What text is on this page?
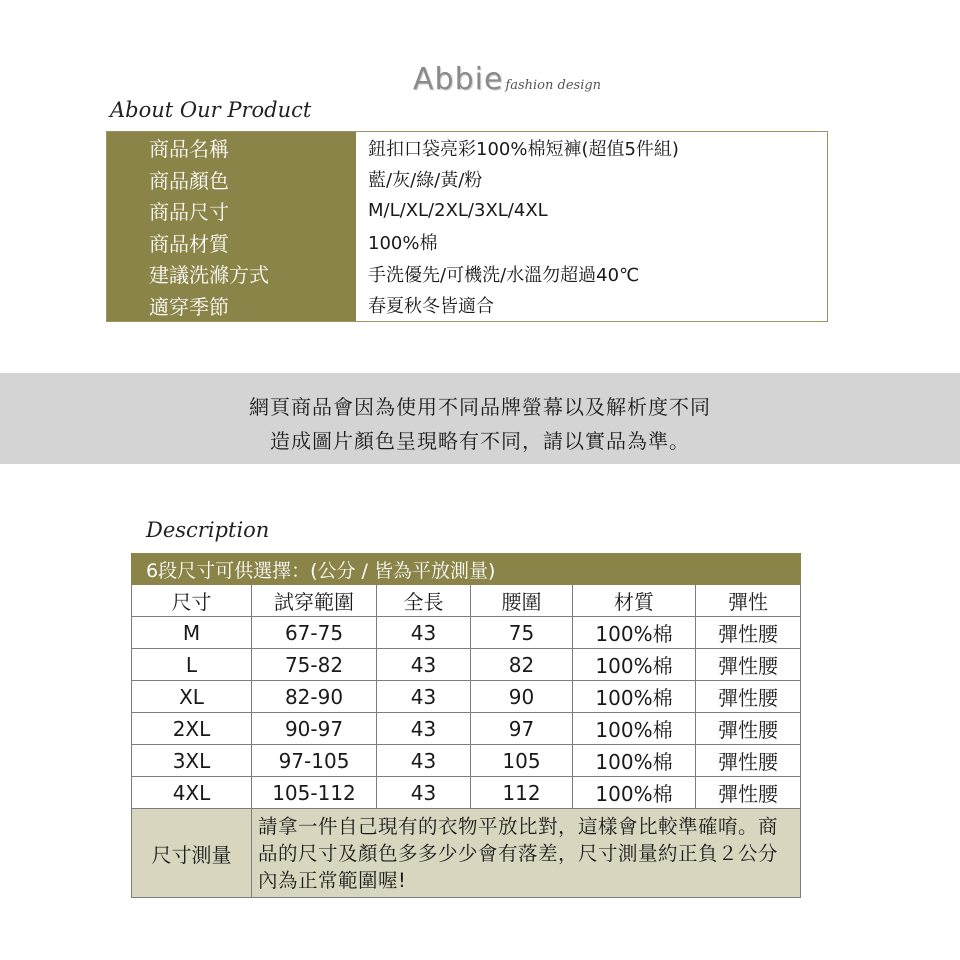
Abbie fashion design
About Our Product
商品名稱	鈕扣口袋亮彩100%棉短褲(超值5件組)
商品顏色	藍/灰/綠/黃/粉
商品尺寸	M/L/XL/2XL/3XL/4XL
商品材質	100%棉
建議洗滌方式	手洗優先/可機洗/水溫勿超過40℃
適穿季節	春夏秋冬皆適合
網頁商品會因為使用不同品牌螢幕以及解析度不同
造成圖片顏色呈現略有不同，請以實品為準。
Description
6段尺寸可供選擇：(公分 / 皆為平放測量)					
尺寸	試穿範圍	全長	腰圍	材質	彈性
M	67-75	43	75	100%棉	彈性腰
L	75-82	43	82	100%棉	彈性腰
XL	82-90	43	90	100%棉	彈性腰
2XL	90-97	43	97	100%棉	彈性腰
3XL	97-105	43	105	100%棉	彈性腰
4XL	105-112	43	112	100%棉	彈性腰
尺寸測量	請拿一件自己現有的衣物平放比對，這樣會比較準確唷。商品的尺寸及顏色多多少少會有落差，尺寸測量約正負２公分內為正常範圍喔!				
